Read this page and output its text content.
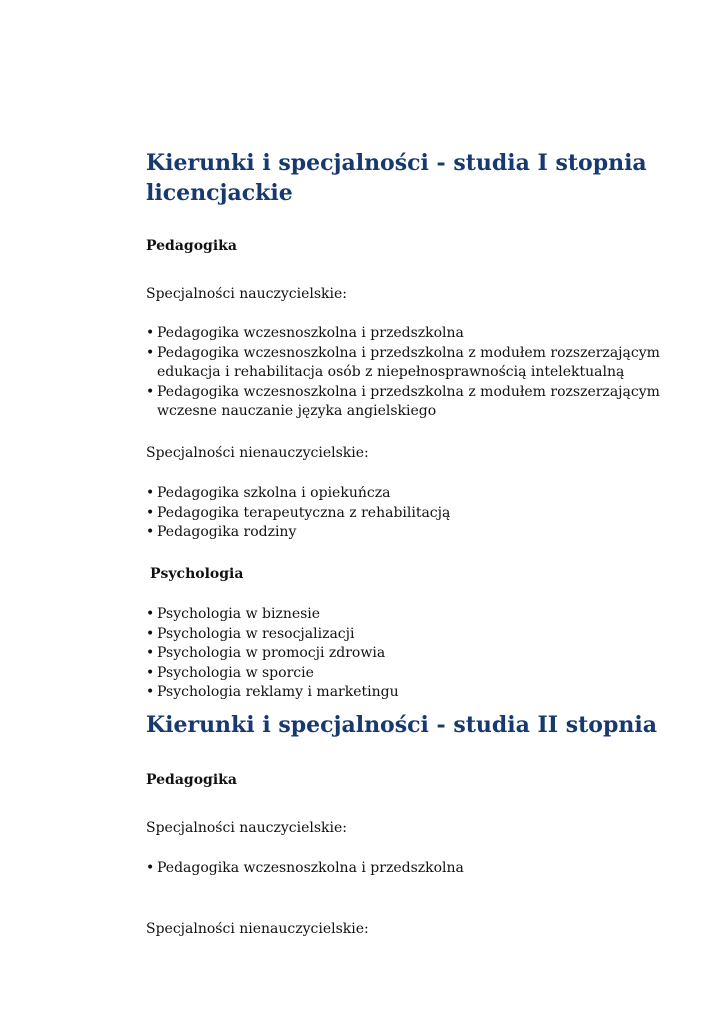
Kierunki i specjalności - studia I stopnia
licencjackie
Pedagogika

Specjalności nauczycielskie:

• Pedagogika wczesnoszkolna i przedszkolna
• Pedagogika wczesnoszkolna i przedszkolna z modułem rozszerzającym
edukacja i rehabilitacja osób z niepełnosprawnością intelektualną
• Pedagogika wczesnoszkolna i przedszkolna z modułem rozszerzającym
wczesne nauczanie języka angielskiego

Specjalności nienauczycielskie:

• Pedagogika szkolna i opiekuńcza
• Pedagogika terapeutyczna z rehabilitacją
• Pedagogika rodziny
Psychologia
• Psychologia w biznesie
• Psychologia w resocjalizacji
• Psychologia w promocji zdrowia
• Psychologia w sporcie
• Psychologia reklamy i marketingu
Kierunki i specjalności - studia II stopnia
Pedagogika

Specjalności nauczycielskie:

• Pedagogika wczesnoszkolna i przedszkolna

Specjalności nienauczycielskie:
